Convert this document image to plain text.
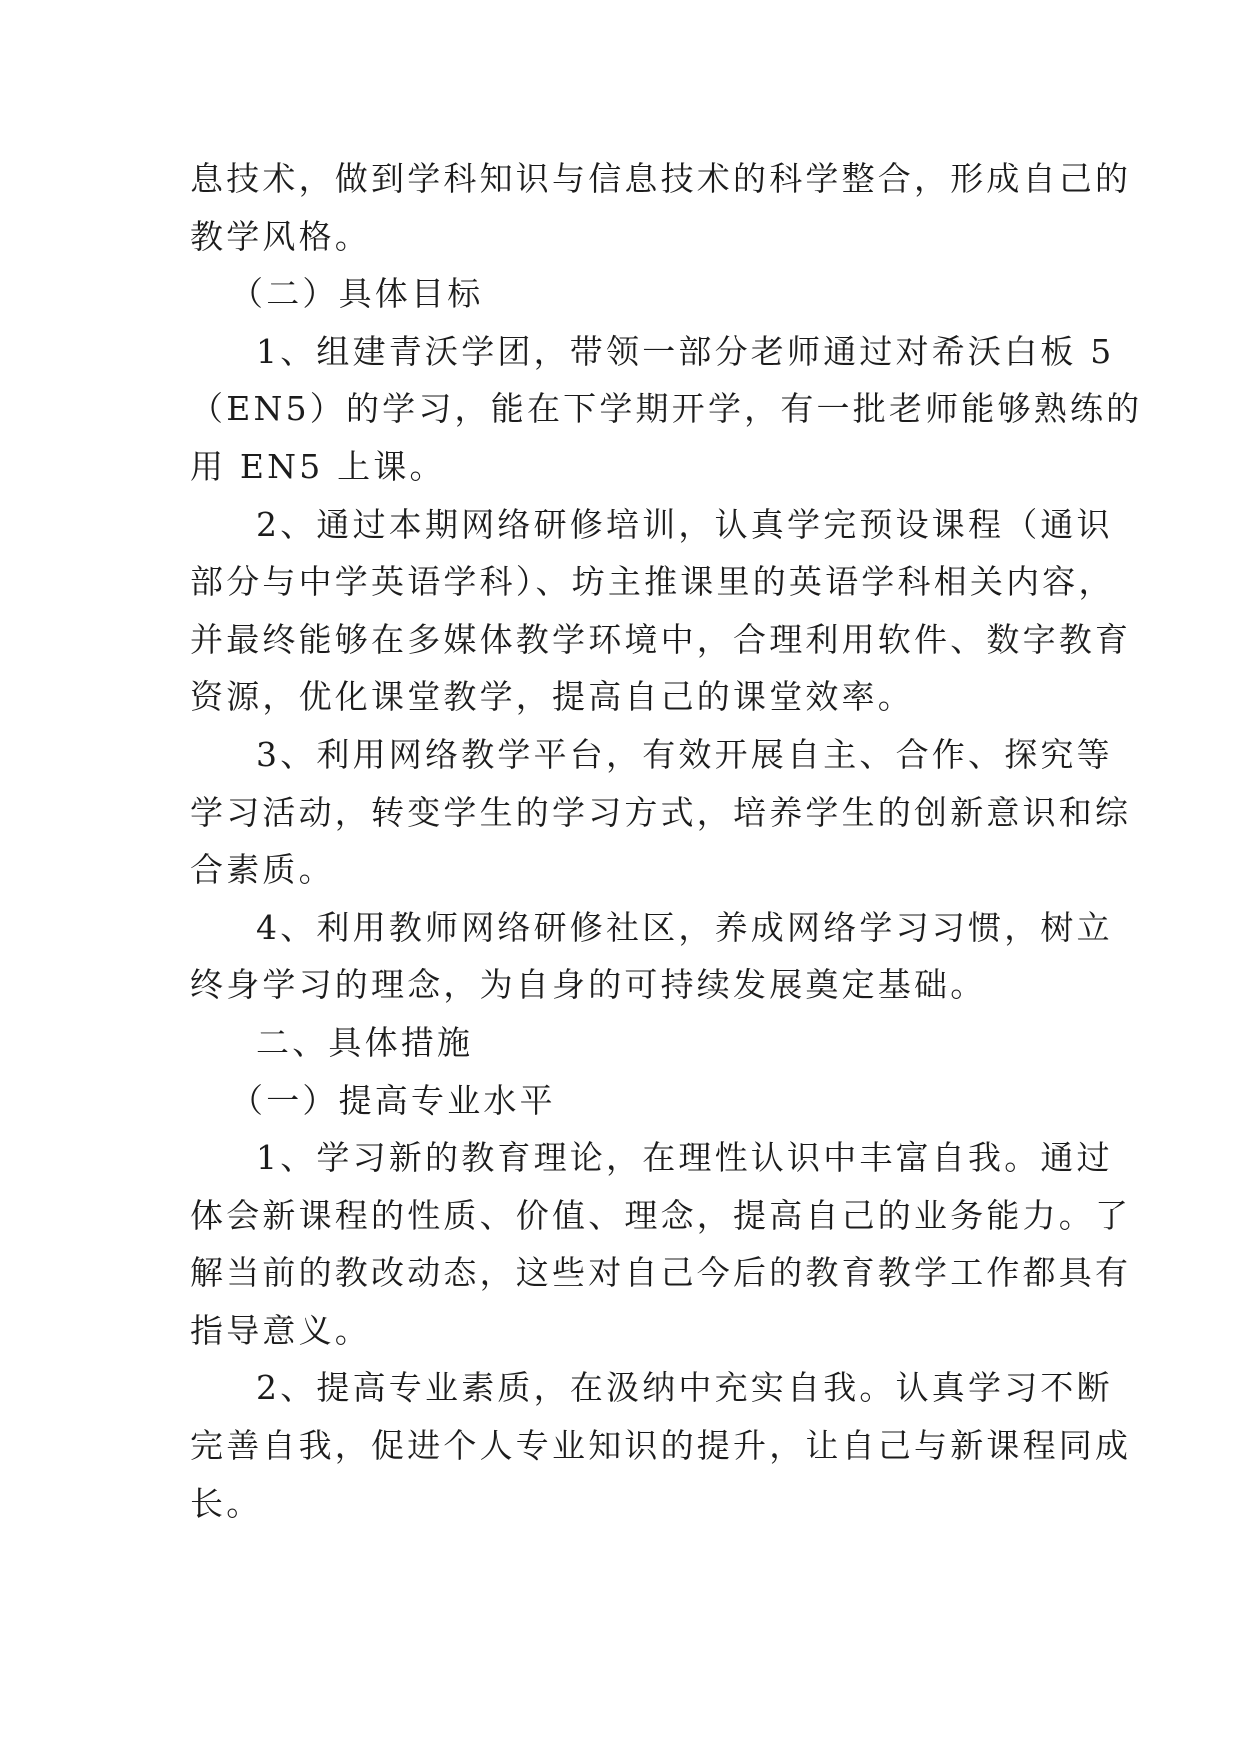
息技术，做到学科知识与信息技术的科学整合，形成自己的
教学风格。

（二）具体目标

1、组建青沃学团，带领一部分老师通过对希沃白板 5
（EN5）的学习，能在下学期开学，有一批老师能够熟练的
用 EN5 上课。

2、通过本期网络研修培训，认真学完预设课程（通识
部分与中学英语学科）、坊主推课里的英语学科相关内容，
并最终能够在多媒体教学环境中，合理利用软件、数字教育
资源，优化课堂教学，提高自己的课堂效率。

3、利用网络教学平台，有效开展自主、合作、探究等
学习活动，转变学生的学习方式，培养学生的创新意识和综
合素质。

4、利用教师网络研修社区，养成网络学习习惯，树立
终身学习的理念，为自身的可持续发展奠定基础。

二、具体措施

（一）提高专业水平

1、学习新的教育理论，在理性认识中丰富自我。通过
体会新课程的性质、价值、理念，提高自己的业务能力。了
解当前的教改动态，这些对自己今后的教育教学工作都具有
指导意义。

2、提高专业素质，在汲纳中充实自我。认真学习不断
完善自我，促进个人专业知识的提升，让自己与新课程同成
长。
